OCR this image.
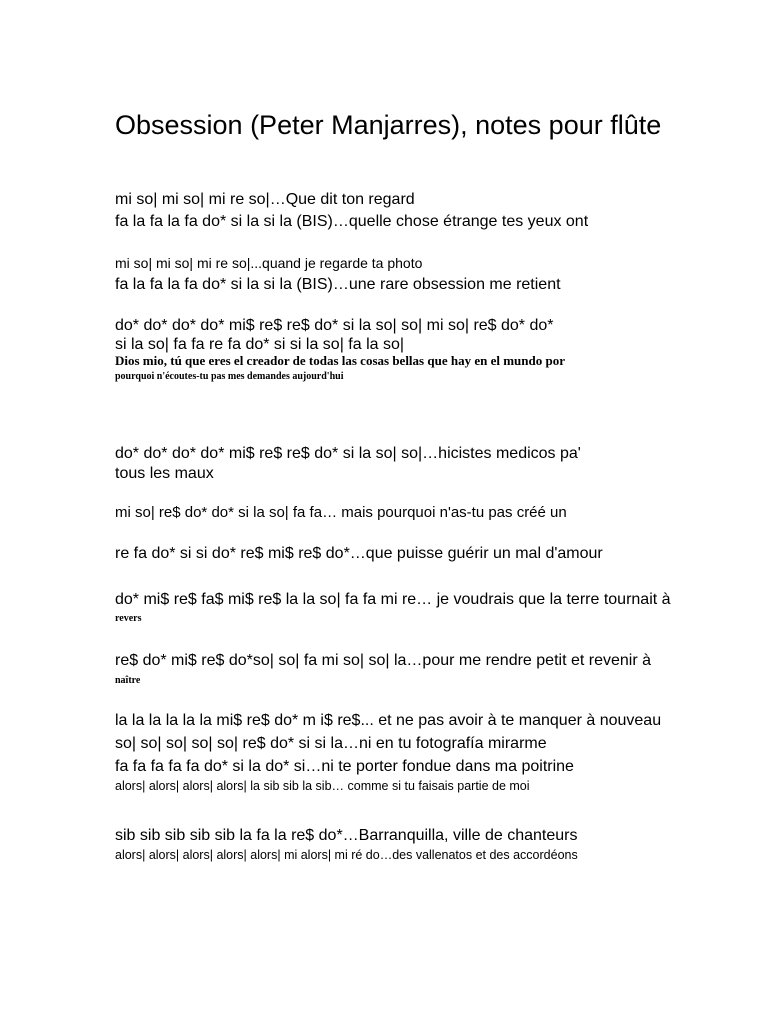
Obsession (Peter Manjarres), notes pour flûte
mi so| mi so| mi re so|…Que dit ton regard
fa la fa la fa do* si la si la (BIS)…quelle chose étrange tes yeux ont
mi so| mi so| mi re so|...quand je regarde ta photo
fa la fa la fa do* si la si la (BIS)…une rare obsession me retient
do* do* do* do* mi$ re$ re$ do* si la so| so| mi so| re$ do* do*
si la so| fa fa re fa do* si si la so| fa la so|
Dios mio, tú que eres el creador de todas las cosas bellas que hay en el mundo por
pourquoi n'écoutes-tu pas mes demandes aujourd'hui
do* do* do* do* mi$ re$ re$ do* si la so| so|…hicistes medicos pa'
tous les maux
mi so| re$ do* do* si la so| fa fa… mais pourquoi n'as-tu pas créé un
re fa do* si si do* re$ mi$ re$ do*…que puisse guérir un mal d'amour
do* mi$ re$ fa$ mi$ re$ la la so| fa fa mi re… je voudrais que la terre tournait à
revers
re$ do* mi$ re$ do*so| so| fa mi so| so| la…pour me rendre petit et revenir à
naître
la la la la la la mi$ re$ do* m i$ re$... et ne pas avoir à te manquer à nouveau
so| so| so| so| so| re$ do* si si la…ni en tu fotografía mirarme
fa fa fa fa fa do* si la do* si…ni te porter fondue dans ma poitrine
alors| alors| alors| alors| la sib sib la sib… comme si tu faisais partie de moi
sib sib sib sib sib la fa la re$ do*…Barranquilla, ville de chanteurs
alors| alors| alors| alors| alors| mi alors| mi ré do…des vallenatos et des accordéons
